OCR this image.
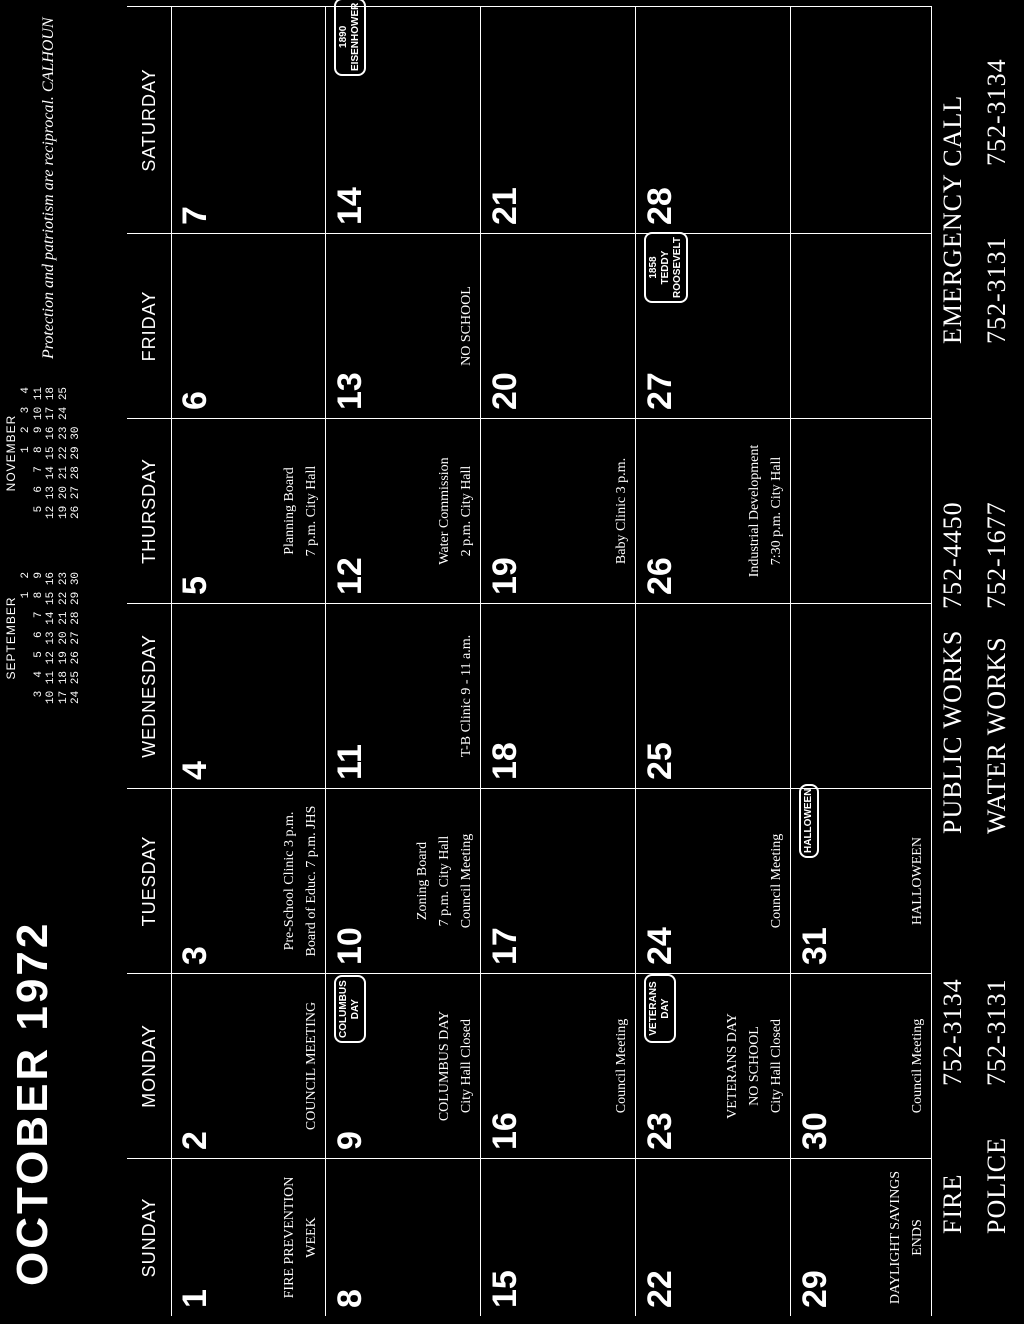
OCTOBER 1972
SEPTEMBER 1  2 3  4  5  6  7  8  9 10 11 12 13 14 15 16 17 18 19 20 21 22 23 24 25 26 27 28 29 30
NOVEMBER 1  2  3  4 5  6  7  8  9 10 11 12 13 14 15 16 17 18 19 20 21 22 23 24 25 26 27 28 29 30
Protection and patriotism are reciprocal. CALHOUN
SUNDAY
MONDAY
TUESDAY
WEDNESDAY
THURSDAY
FRIDAY
SATURDAY
1
FIRE PREVENTION WEEK
2
COUNCIL MEETING
3
Pre-School Clinic 3 p.m. Board of Educ. 7 p.m. JHS
4
5
Planning Board 7 p.m. City Hall
6
7
8
9
COLUMBUS DAY City Hall Closed
COLUMBUS DAY
10
Zoning Board 7 p.m. City Hall Council Meeting
11
T-B Clinic 9 - 11 a.m.
12
Water Commission 2 p.m. City Hall
13
NO SCHOOL
14
1890 EISENHOWER
15
16
Council Meeting
17
18
19
Baby Clinic 3 p.m.
20
21
22
23
VETERANS DAY NO SCHOOL City Hall Closed
VETERANS DAY
24
Council Meeting
25
26	Industrial Development 7:30 p.m. City Hall
27
1858 TEDDY ROOSEVELT
28
29	DAYLIGHT SAVINGS ENDS
30
Council Meeting
31
HALLOWEEN
HALLOWEEN
FIRE
752-3134
POLICE
752-3131
PUBLIC WORKS
752-4450
WATER WORKS
752-1677
EMERGENCY CALL 752-3131
752-3134
